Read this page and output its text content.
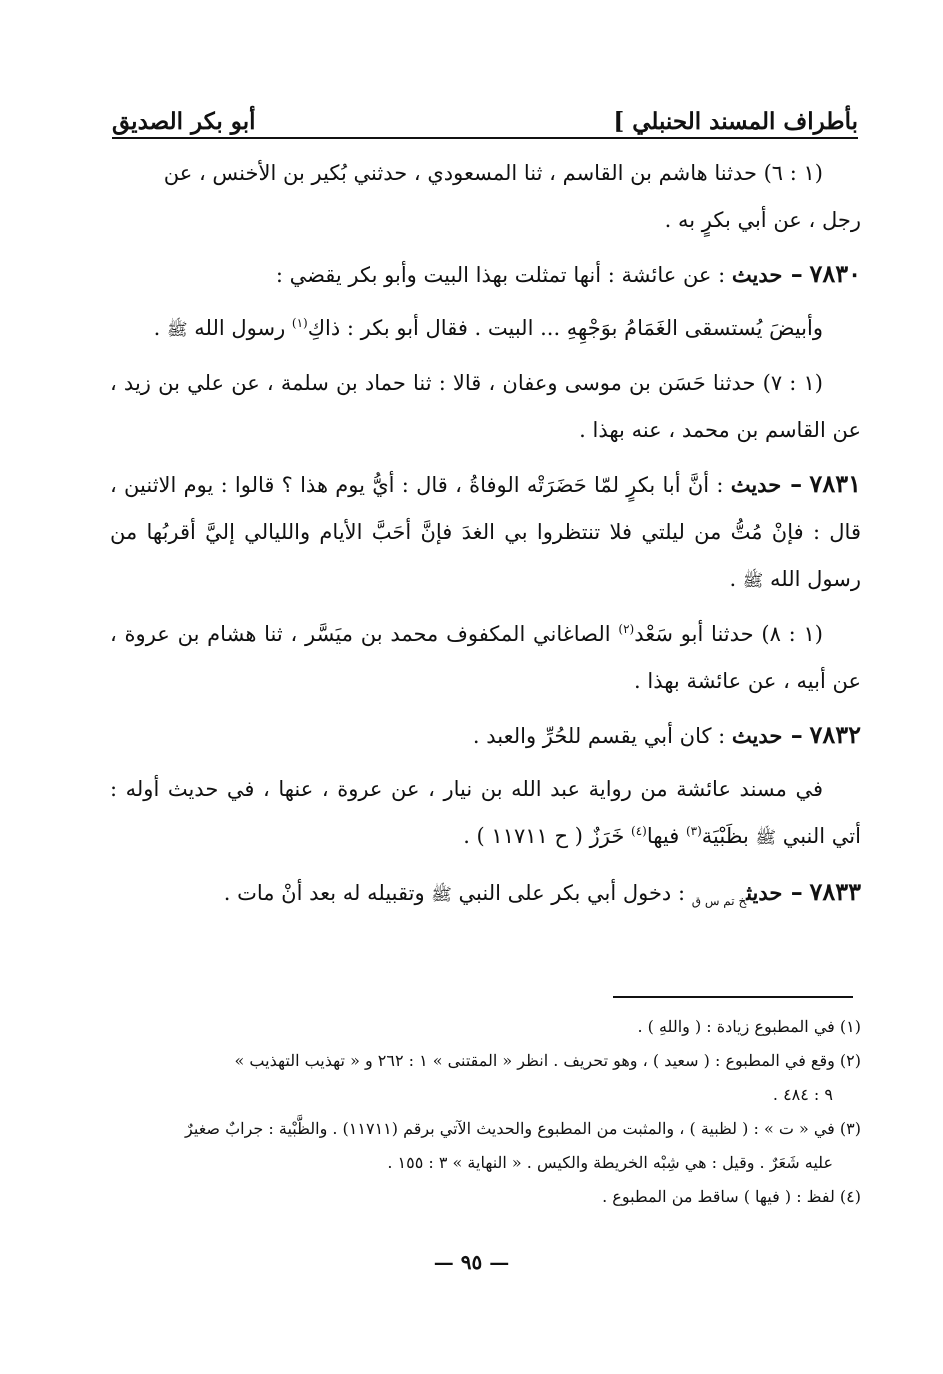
بأطراف المسند الحنبلي ]
أبو بكر الصديق

(١ : ٦) حدثنا هاشم بن القاسم ، ثنا المسعودي ، حدثني بُكير بن الأخنس ، عن
رجل ، عن أبي بكرٍ به .

٧٨٣٠ – حديث : عن عائشة : أنها تمثلت بهذا البيت وأبو بكر يقضي :

وأبيضَ يُستسقى الغَمَامُ بوَجْهِهِ ... البيت . فقال أبو بكر : ذاكِ$^{(١)}$ رسول الله ﷺ .

(١ : ٧) حدثنا حَسَن بن موسى وعفان ، قالا : ثنا حماد بن سلمة ، عن علي بن زيد ، عن القاسم بن محمد ، عنه بهذا .

٧٨٣١ – حديث : أنَّ أبا بكرٍ لمّا حَضَرَتْه الوفاةُ ، قال : أيُّ يوم هذا ؟ قالوا : يوم الاثنين ، قال : فإنْ مُتُّ من ليلتي فلا تنتظروا بي الغدَ فإنَّ أحَبَّ الأيام والليالي إليَّ أقربُها من رسول الله ﷺ .

(١ : ٨) حدثنا أبو سَعْد$^{(٢)}$ الصاغاني المكفوف محمد بن ميَسَّر ، ثنا هشام بن عروة ، عن أبيه ، عن عائشة بهذا .

٧٨٣٢ – حديث : كان أبي يقسم للحُرِّ والعبد .

في مسند عائشة من رواية عبد الله بن نيار ، عن عروة ، عنها ، في حديث أوله : أتي النبي ﷺ بظَبْيَة$^{(٣)}$ فيها$^{(٤)}$ خَرَزٌ ( ح ١١٧١١ ) .

٧٨٣٣ – حديث$_{خ تم س ق}$ : دخول أبي بكر على النبي ﷺ وتقبيله له بعد أنْ مات .

(١) في المطبوع زيادة : ( واللهِ ) .

(٢) وقع في المطبوع : ( سعيد ) ، وهو تحريف . انظر « المقتنى » ١ : ٢٦٢ و « تهذيب التهذيب »

٩ : ٤٨٤ .

(٣) في « ت » : ( لظبية ) ، والمثبت من المطبوع والحديث الآتي برقم (١١٧١١) . والظَّبْية : جرابٌ صغيرٌ

عليه شَعَرٌ . وقيل : هي شِبْه الخريطة والكيس . « النهاية » ٣ : ١٥٥ .

(٤) لفظ : ( فيها ) ساقط من المطبوع .

— ٩٥ —
